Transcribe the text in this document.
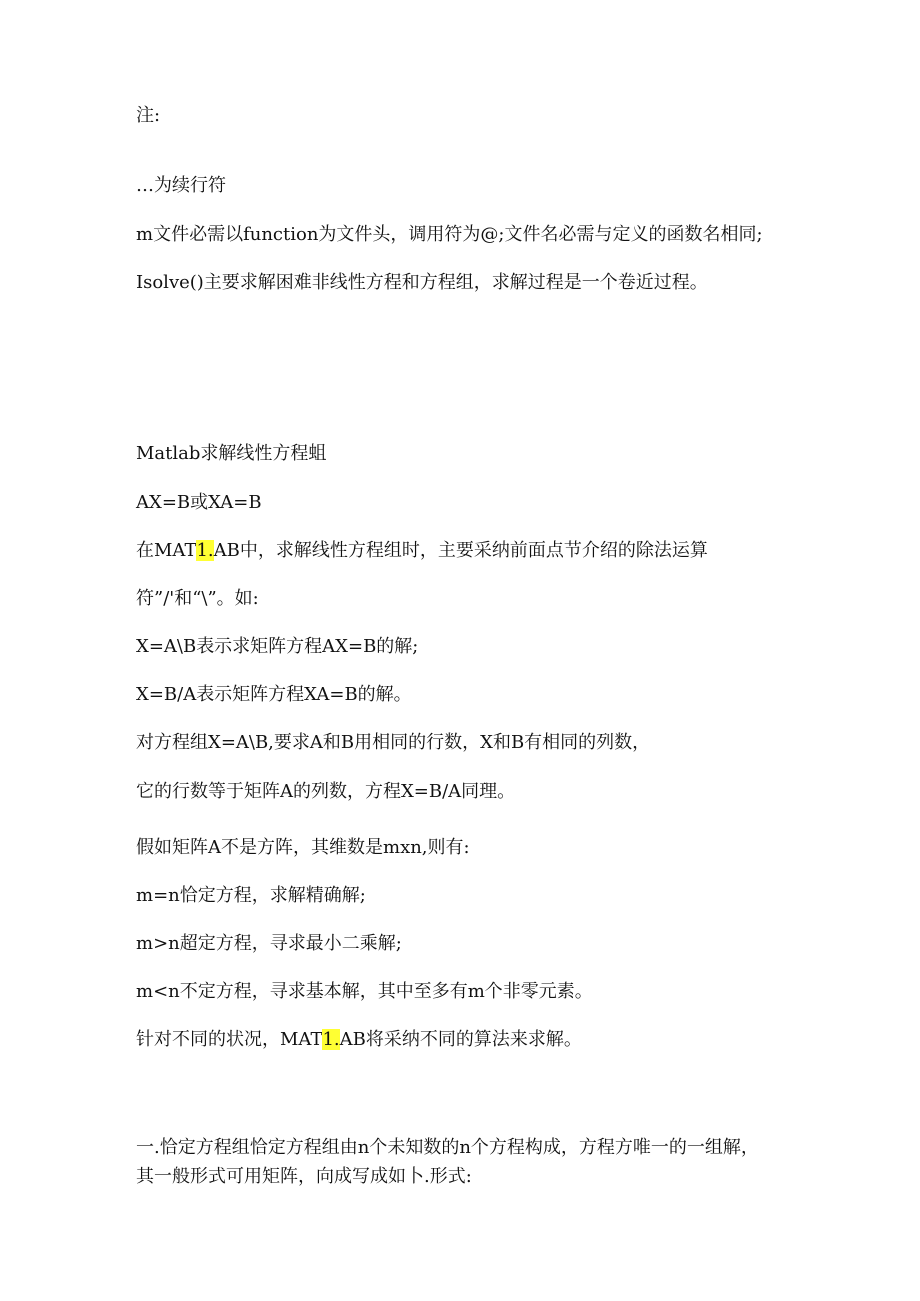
注:
…为续行符
m文件必需以function为文件头，调用符为@;文件名必需与定义的函数名相同;
Isolve()主要求解困难非线性方程和方程组，求解过程是一个卷近过程。
Matlab求解线性方程蛆
AX=B或XA=B
在MAT1.AB中，求解线性方程组时，主要采纳前面点节介绍的除法运算
符”/'和“\”。如:
X=A\B表示求矩阵方程AX=B的解;
X=B/A表示矩阵方程XA=B的解。
对方程组X=A\B,要求A和B用相同的行数，X和B有相同的列数，
它的行数等于矩阵A的列数，方程X=B/A同理。
假如矩阵A不是方阵，其维数是mxn,则有:
m=n恰定方程，求解精确解;
m>n超定方程，寻求最小二乘解;
m<n不定方程，寻求基本解，其中至多有m个非零元素。
针对不同的状况，MAT1.AB将采纳不同的算法来求解。
一.恰定方程组恰定方程组由n个未知数的n个方程构成，方程方唯一的一组解，
其一般形式可用矩阵，向成写成如卜.形式:
